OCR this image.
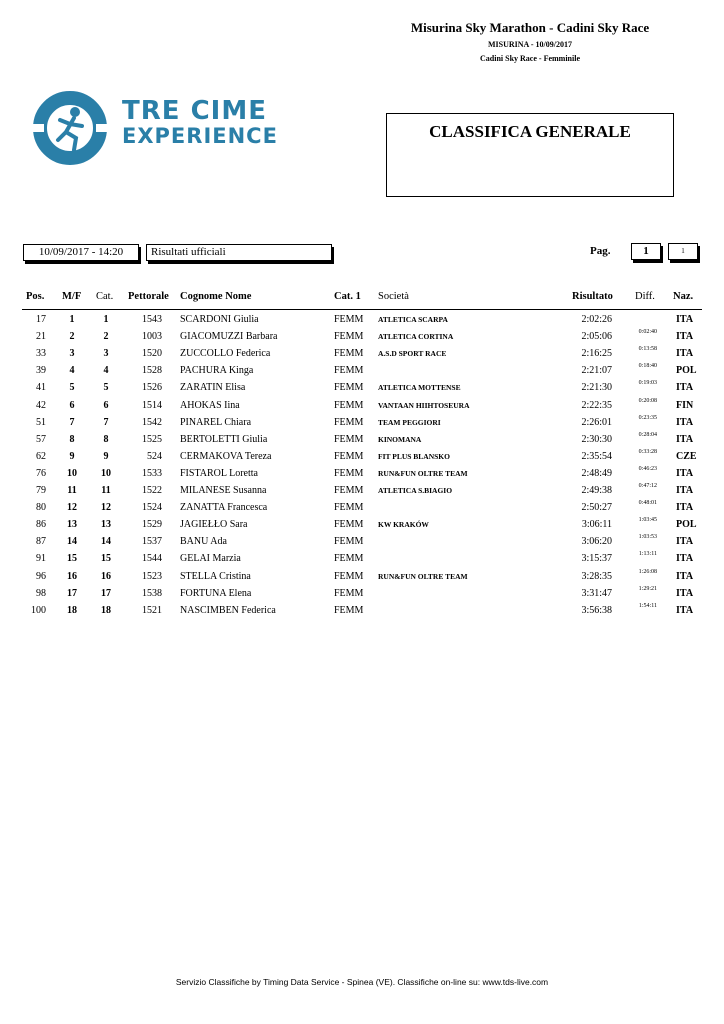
Misurina Sky Marathon - Cadini Sky Race
MISURINA - 10/09/2017
Cadini Sky Race - Femminile
TRE CIME
EXPERIENCE	CLASSIFICA GENERALE
10/09/2017 - 14:20	Risultati ufficiali	Pag.	1	1
Pos. M/F Cat. Pettorale Cognome Nome	Cat. 1 Società	Risultato Diff. Naz.
17	1	1	1543 SCARDONI Giulia	FEMM ATLETICA SCARPA	2:02:26	ITA
21	2	2	1003 GIACOMUZZI Barbara	FEMM ATLETICA CORTINA	2:05:06	0:02:40 ITA
33	3	3	1520 ZUCCOLLO Federica	FEMM A.S.D SPORT RACE	2:16:25	0:13:58 ITA
39	4	4	1528 PACHURA Kinga	FEMM	2:21:07	0:18:40 POL
41	5	5	1526 ZARATIN Elisa	FEMM ATLETICA MOTTENSE	2:21:30	0:19:03 ITA
42	6	6	1514 AHOKAS Iina	FEMM VANTAAN HIIHTOSEURA	2:22:35	0:20:08 FIN
51	7	7	1542 PINAREL Chiara	FEMM TEAM PEGGIORI	2:26:01	0:23:35 ITA
57	8	8	1525 BERTOLETTI Giulia	FEMM KINOMANA	2:30:30	0:28:04 ITA
62	9	9	524 CERMAKOVA Tereza	FEMM FIT PLUS BLANSKO	2:35:54	0:33:28 CZE
76	10	10	1533 FISTAROL Loretta	FEMM RUN&FUN OLTRE TEAM	2:48:49	0:46:23 ITA
79	11	11	1522 MILANESE Susanna	FEMM ATLETICA S.BIAGIO	2:49:38	0:47:12 ITA
80	12	12	1524 ZANATTA Francesca	FEMM	2:50:27	0:48:01 ITA
86	13	13	1529 JAGIEŁŁO Sara	FEMM KW KRAKÓW	3:06:11	1:03:45 POL
87	14	14	1537 BANU Ada	FEMM	3:06:20	1:03:53 ITA
91	15	15	1544 GELAI Marzia	FEMM	3:15:37	1:13:11 ITA
96	16	16	1523 STELLA Cristina	FEMM RUN&FUN OLTRE TEAM	3:28:35	1:26:08 ITA
98	17	17	1538 FORTUNA Elena	FEMM	3:31:47	1:29:21 ITA
100	18	18	1521 NASCIMBEN Federica	FEMM	3:56:38	1:54:11 ITA
Servizio Classifiche by Timing Data Service - Spinea (VE). Classifiche on-line su: www.tds-live.com
